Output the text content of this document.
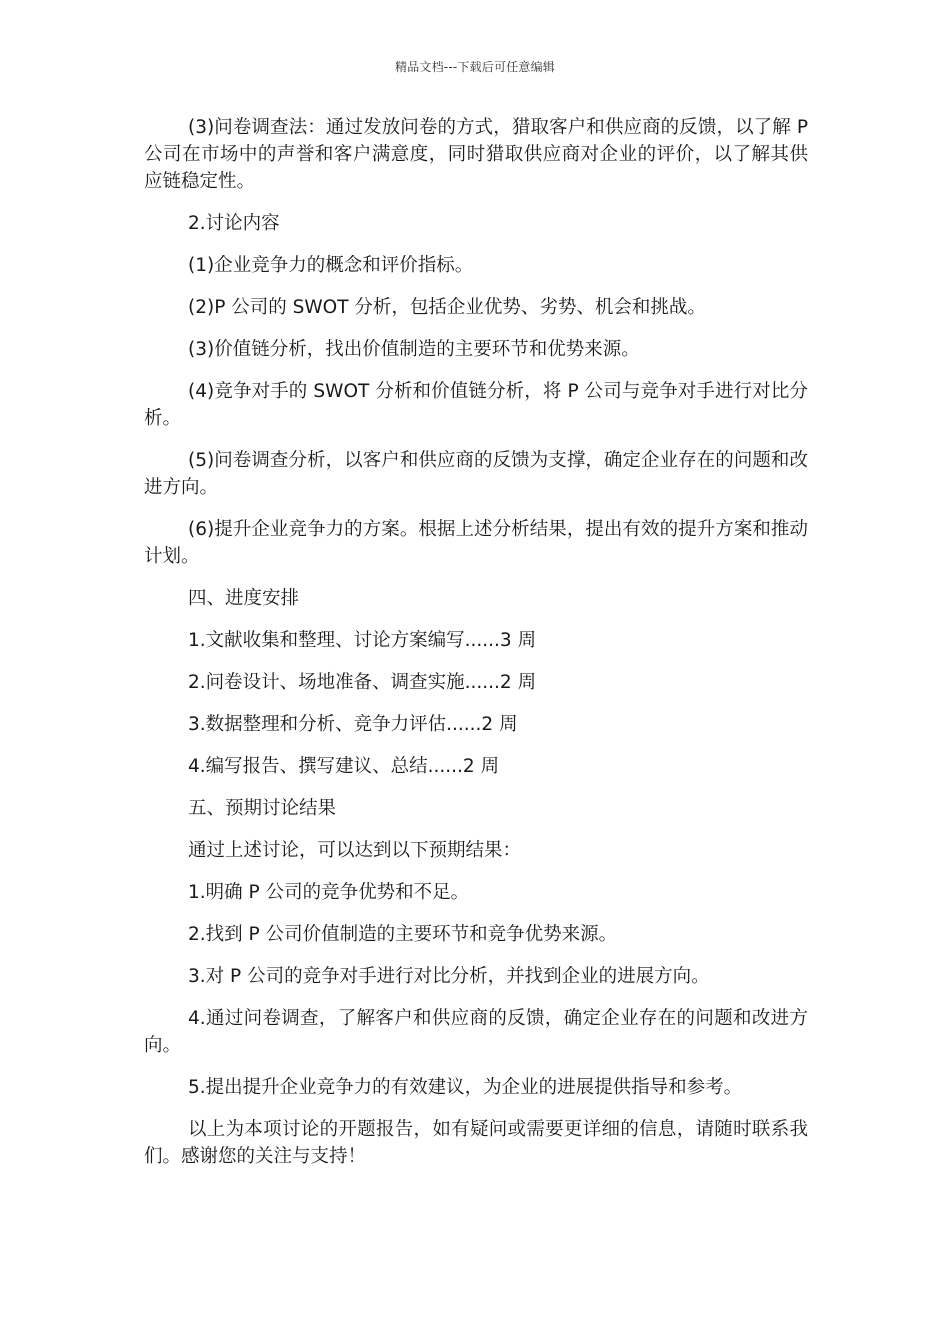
精品文档---下载后可任意编辑

(3)问卷调查法：通过发放问卷的方式，猎取客户和供应商的反馈，以了解 P 公司在市场中的声誉和客户满意度，同时猎取供应商对企业的评价，以了解其供应链稳定性。

2.讨论内容

(1)企业竞争力的概念和评价指标。

(2)P 公司的 SWOT 分析，包括企业优势、劣势、机会和挑战。

(3)价值链分析，找出价值制造的主要环节和优势来源。

(4)竞争对手的 SWOT 分析和价值链分析，将 P 公司与竞争对手进行对比分析。

(5)问卷调查分析，以客户和供应商的反馈为支撑，确定企业存在的问题和改进方向。

(6)提升企业竞争力的方案。根据上述分析结果，提出有效的提升方案和推动计划。

四、进度安排

1.文献收集和整理、讨论方案编写......3 周

2.问卷设计、场地准备、调查实施......2 周

3.数据整理和分析、竞争力评估......2 周

4.编写报告、撰写建议、总结......2 周

五、预期讨论结果

通过上述讨论，可以达到以下预期结果：

1.明确 P 公司的竞争优势和不足。

2.找到 P 公司价值制造的主要环节和竞争优势来源。

3.对 P 公司的竞争对手进行对比分析，并找到企业的进展方向。

4.通过问卷调查，了解客户和供应商的反馈，确定企业存在的问题和改进方向。

5.提出提升企业竞争力的有效建议，为企业的进展提供指导和参考。

以上为本项讨论的开题报告，如有疑问或需要更详细的信息，请随时联系我们。感谢您的关注与支持！
